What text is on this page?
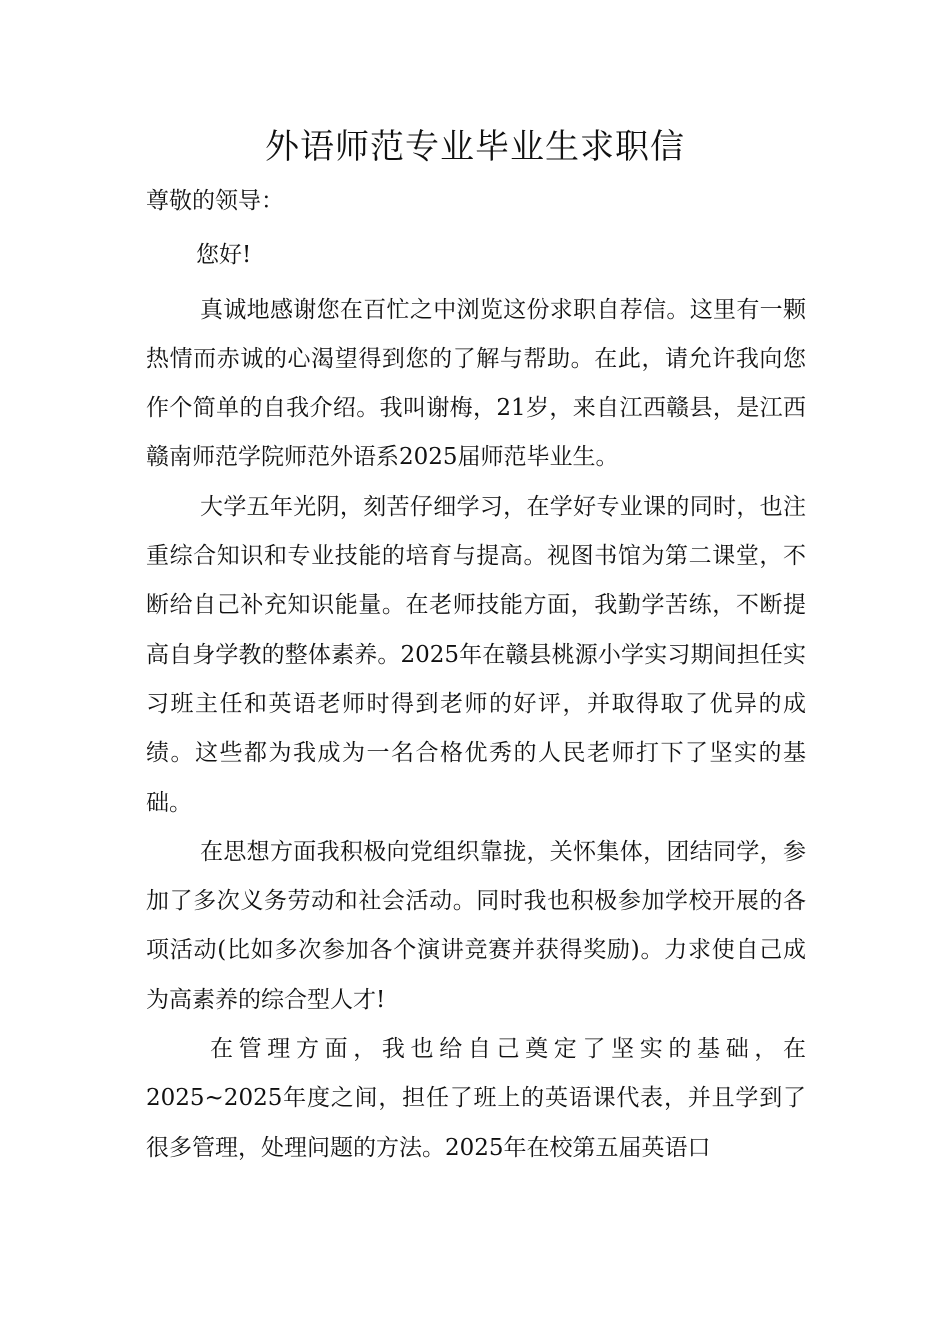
外语师范专业毕业生求职信

尊敬的领导：

您好!

真诚地感谢您在百忙之中浏览这份求职自荐信。这里有一颗热情而赤诚的心渴望得到您的了解与帮助。在此，请允许我向您作个简单的自我介绍。我叫谢梅，21岁，来自江西赣县，是江西赣南师范学院师范外语系2025届师范毕业生。

大学五年光阴，刻苦仔细学习，在学好专业课的同时，也注重综合知识和专业技能的培育与提高。视图书馆为第二课堂，不断给自己补充知识能量。在老师技能方面，我勤学苦练，不断提高自身学教的整体素养。2025年在赣县桃源小学实习期间担任实习班主任和英语老师时得到老师的好评，并取得取了优异的成绩。这些都为我成为一名合格优秀的人民老师打下了坚实的基础。

在思想方面我积极向党组织靠拢，关怀集体，团结同学，参加了多次义务劳动和社会活动。同时我也积极参加学校开展的各项活动(比如多次参加各个演讲竞赛并获得奖励)。力求使自己成为高素养的综合型人才!

在管理方面，我也给自己奠定了坚实的基础，在2025~2025年度之间，担任了班上的英语课代表，并且学到了很多管理，处理问题的方法。2025年在校第五届英语口
